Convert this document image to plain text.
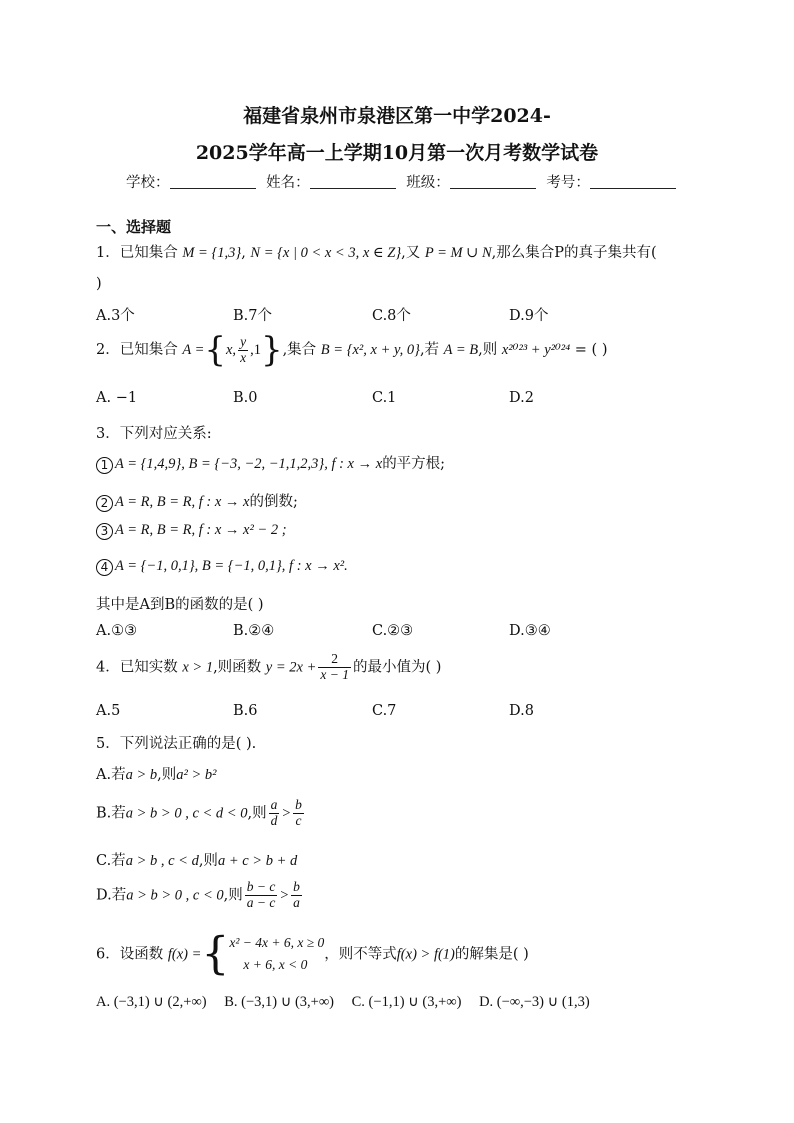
福建省泉州市泉港区第一中学2024-
2025学年高一上学期10月第一次月考数学试卷
学校：	姓名：	班级：	考号：
一、选择题
1．已知集合 M = {1,3}, N = {x | 0 < x < 3, x ∈ Z},又 P = M ∪ N,那么集合P的真子集共有(
)
A.3个	B.7个	C.8个	D.9个
2．已知集合 A ={x, $\frac{y}{x} ,1$},集合 B = {x², x + y, 0},若 A = B,则 x²⁰²³ + y²⁰²⁴ = ( )
A. −1	B.0	C.1	D.2
3．下列对应关系:
1 A = {1,4,9}, B = {−3, −2, −1,1,2,3}, f : x → x的平方根;
2 A = R, B = R, f : x → x的倒数;
3 A = R, B = R, f : x → x² − 2 ;
4 A = {−1, 0,1}, B = {−1, 0,1}, f : x → x².
其中是A到B的函数的是( )
A.①③	B.②④	C.②③	D.③④
4．已知实数 x > 1,则函数 $y = 2x + \frac{2}{x - 1}$ 的最小值为( )
A.5	B.6	C.7	D.8
5．下列说法正确的是( ).
A.若a > b,则a² > b²
B.若a > b > 0 , c < d < 0,则 $\frac{a}{d} > \frac{b}{c}$
C.若a > b , c < d,则a + c > b + d
D.若a > b > 0 , c < 0,则 $\frac{b - c}{a - c} > \frac{b}{a}$
6．设函数 f(x) ={ x² − 4x + 6, x ≥ 0
x + 6, x < 0
，则不等式f(x) > f(1)的解集是( )
A. (−3,1) ∪ (2,+∞) B. (−3,1) ∪ (3,+∞) C. (−1,1) ∪ (3,+∞) D. (−∞,−3) ∪ (1,3)
